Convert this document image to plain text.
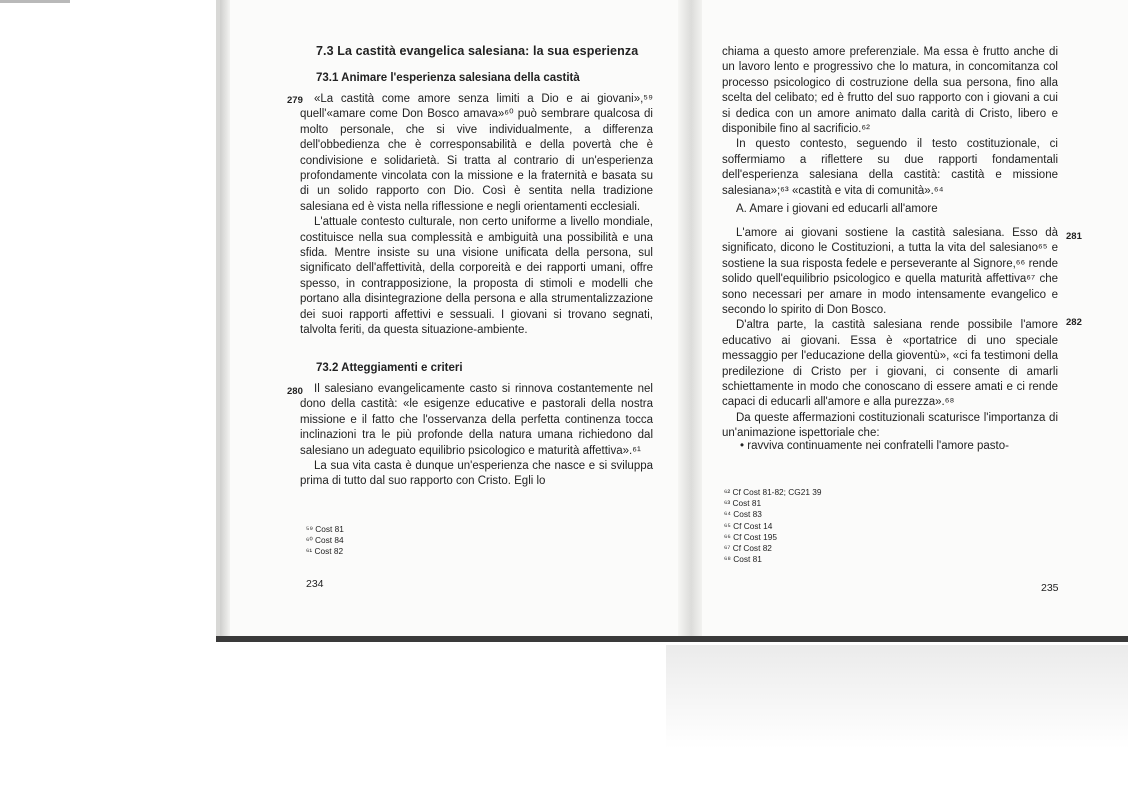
7.3 La castità evangelica salesiana: la sua esperienza
73.1 Animare l'esperienza salesiana della castità
279 «La castità come amore senza limiti a Dio e ai giovani»,⁵⁹ quell'«amare come Don Bosco amava»⁶⁰ può sembrare qualcosa di molto personale, che si vive individualmente, a differenza dell'obbedienza che è corresponsabilità e della povertà che è condivisione e solidarietà. Si tratta al contrario di un'esperienza profondamente vincolata con la missione e la fraternità e basata su di un solido rapporto con Dio. Così è sentita nella tradizione salesiana ed è vista nella riflessione e negli orientamenti ecclesiali.

L'attuale contesto culturale, non certo uniforme a livello mondiale, costituisce nella sua complessità e ambiguità una possibilità e una sfida. Mentre insiste su una visione unificata della persona, sul significato dell'affettività, della corporeità e dei rapporti umani, offre spesso, in contrapposizione, la proposta di stimoli e modelli che portano alla disintegrazione della persona e alla strumentalizzazione dei suoi rapporti affettivi e sessuali. I giovani si trovano segnati, talvolta feriti, da questa situazione-ambiente.

73.2 Atteggiamenti e criteri
280 Il salesiano evangelicamente casto si rinnova costantemente nel dono della castità: «le esigenze educative e pastorali della nostra missione e il fatto che l'osservanza della perfetta continenza tocca inclinazioni tra le più profonde della natura umana richiedono dal salesiano un adeguato equilibrio psicologico e maturità affettiva».⁶¹

La sua vita casta è dunque un'esperienza che nasce e si sviluppa prima di tutto dal suo rapporto con Cristo. Egli lo

⁵⁹ Cost 81
⁶⁰ Cost 84
⁶¹ Cost 82
234

chiama a questo amore preferenziale. Ma essa è frutto anche di un lavoro lento e progressivo che lo matura, in concomitanza col processo psicologico di costruzione della sua persona, fino alla scelta del celibato; ed è frutto del suo rapporto con i giovani a cui si dedica con un amore animato dalla carità di Cristo, libero e disponibile fino al sacrificio.⁶²

In questo contesto, seguendo il testo costituzionale, ci soffermiamo a riflettere su due rapporti fondamentali dell'esperienza salesiana della castità: castità e missione salesiana»;⁶³ «castità e vita di comunità».⁶⁴

A. Amare i giovani ed educarli all'amore
281

L'amore ai giovani sostiene la castità salesiana. Esso dà significato, dicono le Costituzioni, a tutta la vita del salesiano⁶⁵ e sostiene la sua risposta fedele e perseverante al Signore,⁶⁶ rende solido quell'equilibrio psicologico e quella maturità affettiva⁶⁷ che sono necessari per amare in modo intensamente evangelico e secondo lo spirito di Don Bosco.

D'altra parte, la castità salesiana rende possibile l'amore educativo ai giovani. Essa è «portatrice di uno speciale messaggio per l'educazione della gioventù», «ci fa testimoni della predilezione di Cristo per i giovani, ci consente di amarli schiettamente in modo che conoscano di essere amati e ci rende capaci di educarli all'amore e alla purezza».⁶⁸

Da queste affermazioni costituzionali scaturisce l'importanza di un'animazione ispettoriale che:

282
• ravviva continuamente nei confratelli l'amore pasto-
⁶² Cf Cost 81-82; CG21 39
⁶³ Cost 81
⁶⁴ Cost 83
⁶⁵ Cf Cost 14
⁶⁶ Cf Cost 195
⁶⁷ Cf Cost 82
⁶⁸ Cost 81
235
